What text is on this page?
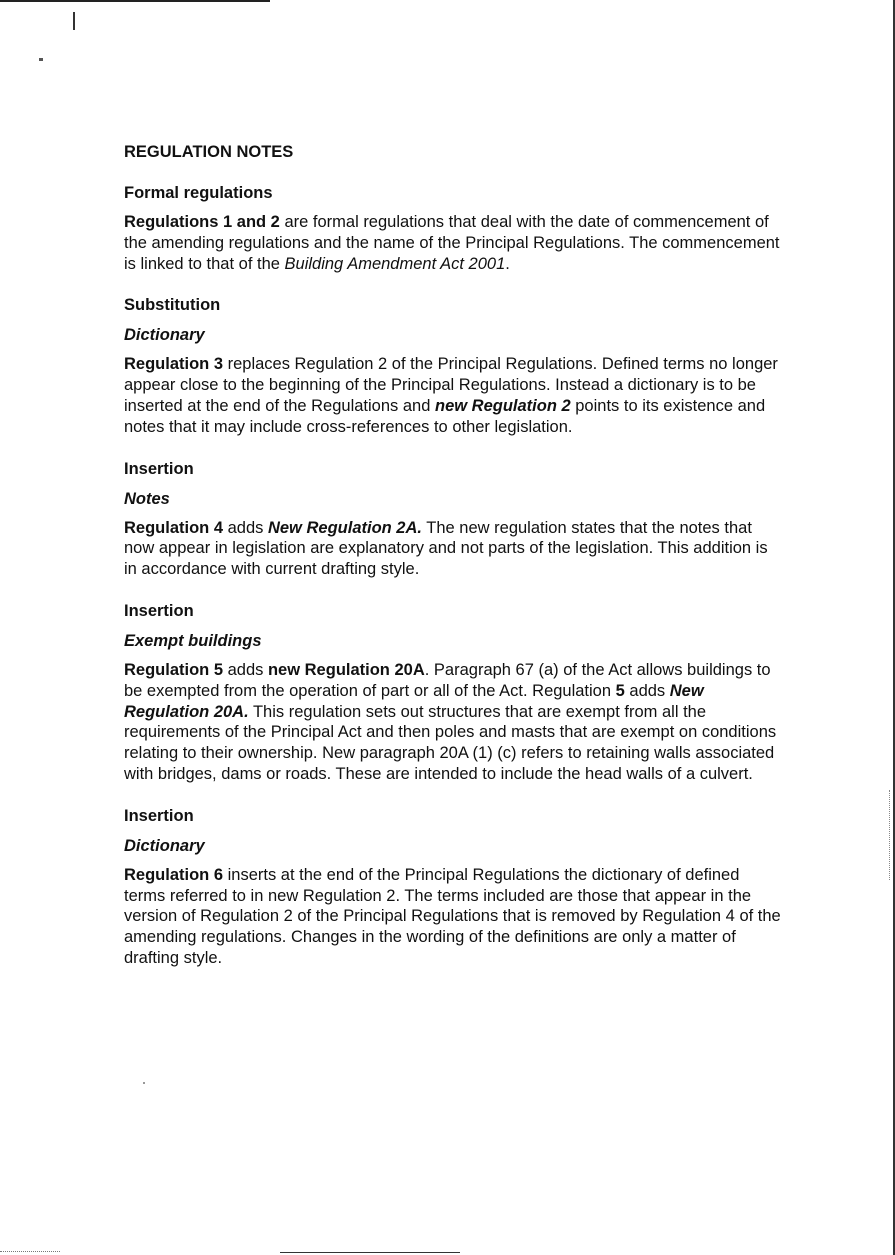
REGULATION NOTES
Formal regulations

Regulations 1 and 2 are formal regulations that deal with the date of commencement of the amending regulations and the name of the Principal Regulations. The commencement is linked to that of the Building Amendment Act 2001.

Substitution
Dictionary

Regulation 3 replaces Regulation 2 of the Principal Regulations. Defined terms no longer appear close to the beginning of the Principal Regulations. Instead a dictionary is to be inserted at the end of the Regulations and new Regulation 2 points to its existence and notes that it may include cross-references to other legislation.

Insertion
Notes

Regulation 4 adds New Regulation 2A. The new regulation states that the notes that now appear in legislation are explanatory and not parts of the legislation. This addition is in accordance with current drafting style.

Insertion
Exempt buildings

Regulation 5 adds new Regulation 20A. Paragraph 67 (a) of the Act allows buildings to be exempted from the operation of part or all of the Act. Regulation 5 adds New Regulation 20A. This regulation sets out structures that are exempt from all the requirements of the Principal Act and then poles and masts that are exempt on conditions relating to their ownership. New paragraph 20A (1) (c) refers to retaining walls associated with bridges, dams or roads. These are intended to include the head walls of a culvert.

Insertion
Dictionary

Regulation 6 inserts at the end of the Principal Regulations the dictionary of defined terms referred to in new Regulation 2. The terms included are those that appear in the version of Regulation 2 of the Principal Regulations that is removed by Regulation 4 of the amending regulations. Changes in the wording of the definitions are only a matter of drafting style.
